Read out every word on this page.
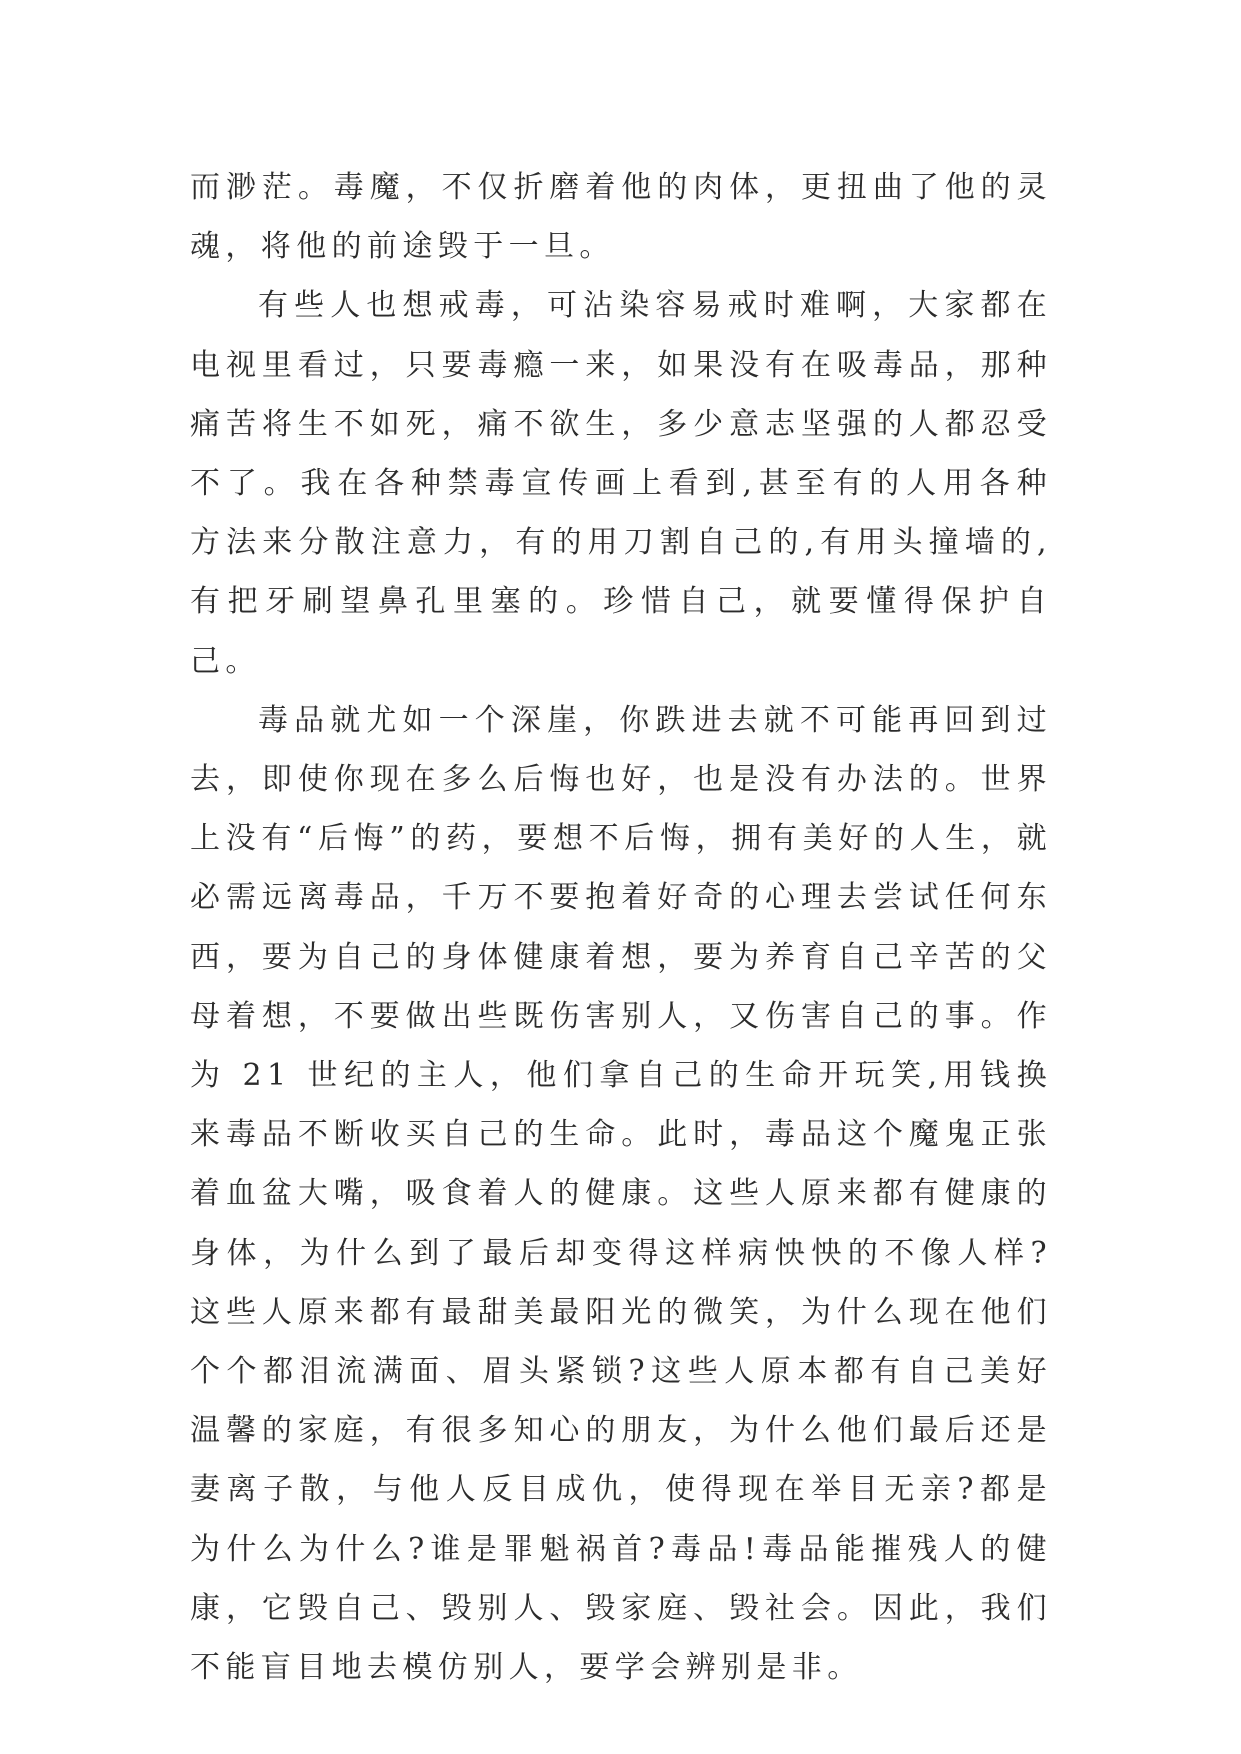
而渺茫。毒魔，不仅折磨着他的肉体，更扭曲了他的灵魂，将他的前途毁于一旦。

有些人也想戒毒，可沾染容易戒时难啊，大家都在电视里看过，只要毒瘾一来，如果没有在吸毒品，那种痛苦将生不如死，痛不欲生，多少意志坚强的人都忍受不了。我在各种禁毒宣传画上看到,甚至有的人用各种方法来分散注意力，有的用刀割自己的,有用头撞墙的,有把牙刷望鼻孔里塞的。珍惜自己，就要懂得保护自己。

毒品就尤如一个深崖，你跌进去就不可能再回到过去，即使你现在多么后悔也好，也是没有办法的。世界上没有“后悔”的药，要想不后悔，拥有美好的人生，就必需远离毒品，千万不要抱着好奇的心理去尝试任何东西，要为自己的身体健康着想，要为养育自己辛苦的父母着想，不要做出些既伤害别人，又伤害自己的事。作为 21 世纪的主人，他们拿自己的生命开玩笑,用钱换来毒品不断收买自己的生命。此时，毒品这个魔鬼正张着血盆大嘴，吸食着人的健康。这些人原来都有健康的身体，为什么到了最后却变得这样病怏怏的不像人样?这些人原来都有最甜美最阳光的微笑，为什么现在他们个个都泪流满面、眉头紧锁?这些人原本都有自己美好温馨的家庭，有很多知心的朋友，为什么他们最后还是妻离子散，与他人反目成仇，使得现在举目无亲?都是为什么为什么?谁是罪魁祸首?毒品!毒品能摧残人的健康，它毁自己、毁别人、毁家庭、毁社会。因此，我们不能盲目地去模仿别人，要学会辨别是非。
